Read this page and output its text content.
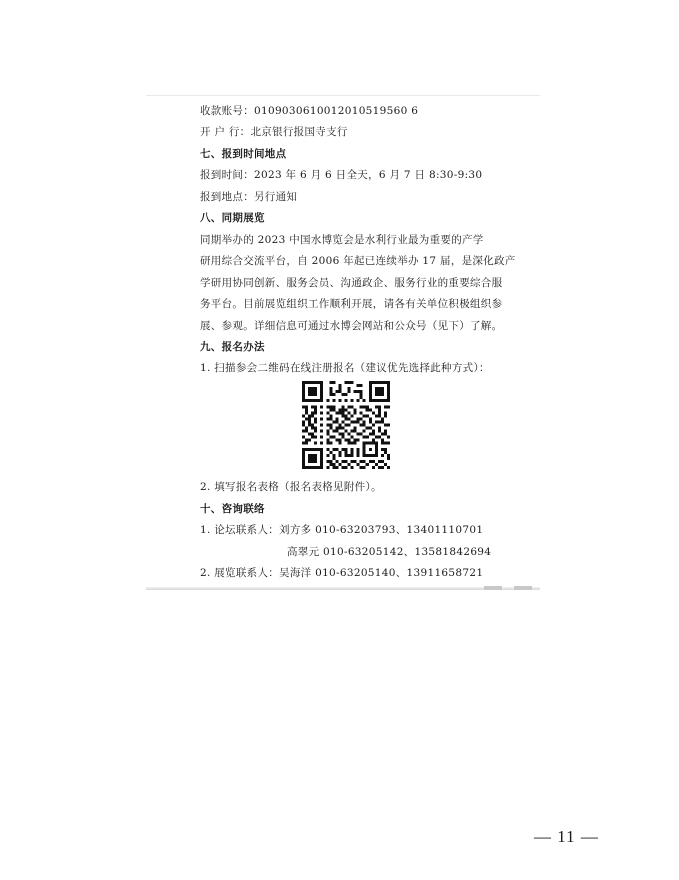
收款账号：0109030610012010519560 6
开 户 行：北京银行报国寺支行
七、报到时间地点
报到时间：2023 年 6 月 6 日全天，6 月 7 日 8:30-9:30
报到地点：另行通知
八、同期展览
同期举办的 2023 中国水博览会是水利行业最为重要的产学
研用综合交流平台，自 2006 年起已连续举办 17 届，是深化政产
学研用协同创新、服务会员、沟通政企、服务行业的重要综合服
务平台。目前展览组织工作顺利开展，请各有关单位积极组织参
展、参观。详细信息可通过水博会网站和公众号（见下）了解。
九、报名办法
1. 扫描参会二维码在线注册报名（建议优先选择此种方式）：
2. 填写报名表格（报名表格见附件）。
十、咨询联络
1. 论坛联系人：刘方多 010-63203793、13401110701
高翠元 010-63205142、13581842694
2. 展览联系人：吴海洋 010-63205140、13911658721
— 11 —
